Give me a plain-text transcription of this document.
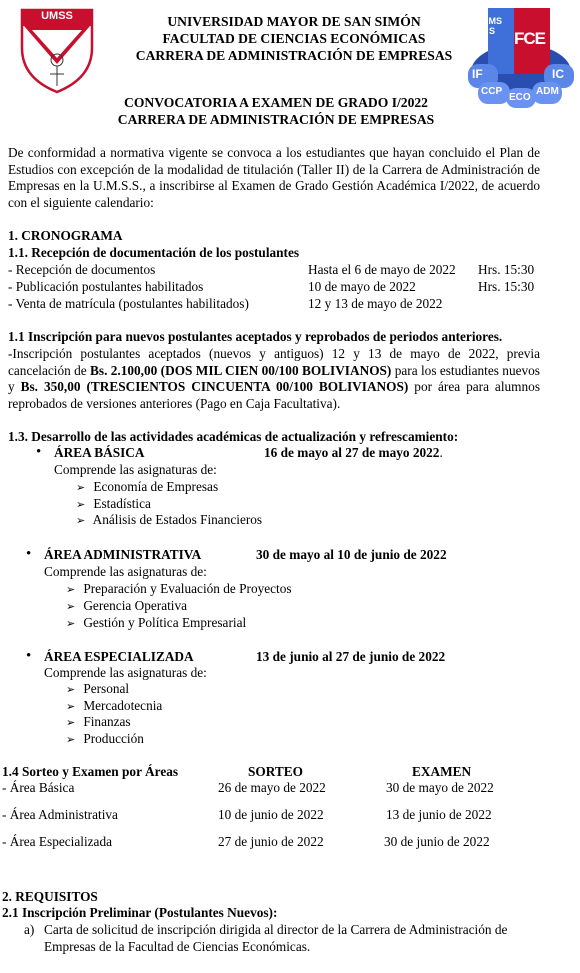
UMSS	UNIVERSIDAD MAYOR DE SAN SIMÓN
FACULTAD DE CIENCIAS ECONÓMICAS
CARRERA DE ADMINISTRACIÓN DE EMPRESAS
UMSS	FCE
IF	IC
CCP
ECO
ADM
CONVOCATORIA A EXAMEN DE GRADO I/2022
CARRERA DE ADMINISTRACIÓN DE EMPRESAS
De conformidad a normativa vigente se convoca a los estudiantes que hayan concluido el Plan de Estudios con excepción de la modalidad de titulación (Taller II) de la Carrera de Administración de Empresas en la U.M.S.S., a inscribirse al Examen de Grado Gestión Académica I/2022, de acuerdo con el siguiente calendario:
1. CRONOGRAMA
1.1. Recepción de documentación de los postulantes
- Recepción de documentos	Hasta el 6 de mayo de 2022 Hrs. 15:30
- Publicación postulantes habilitados	10 de mayo de 2022	Hrs. 15:30
- Venta de matrícula (postulantes habilitados)	12 y 13 de mayo de 2022
1.1 Inscripción para nuevos postulantes aceptados y reprobados de periodos anteriores.
-Inscripción postulantes aceptados (nuevos y antiguos) 12 y 13 de mayo de 2022, previa cancelación de Bs. 2.100,00 (DOS MIL CIEN 00/100 BOLIVIANOS) para los estudiantes nuevos y Bs. 350,00 (TRESCIENTOS CINCUENTA 00/100 BOLIVIANOS) por área para alumnos reprobados de versiones anteriores (Pago en Caja Facultativa).
1.3. Desarrollo de las actividades académicas de actualización y refrescamiento:
• ÁREA BÁSICA	16 de mayo al 27 de mayo 2022.
Comprende las asignaturas de:
➢ Economía de Empresas
➢ Estadística
➢ Análisis de Estados Financieros
• ÁREA ADMINISTRATIVA	30 de mayo al 10 de junio de 2022
Comprende las asignaturas de:
➢ Preparación y Evaluación de Proyectos
➢ Gerencia Operativa
➢ Gestión y Política Empresarial
• ÁREA ESPECIALIZADA	13 de junio al 27 de junio de 2022
Comprende las asignaturas de:
➢ Personal
➢ Mercadotecnia
➢ Finanzas
➢ Producción
1.4 Sorteo y Examen por Áreas	SORTEO	EXAMEN
- Área Básica	26 de mayo de 2022	30 de mayo de 2022
- Área Administrativa	10 de junio de 2022	13 de junio de 2022
- Área Especializada	27 de junio de 2022	30 de junio de 2022
2. REQUISITOS
2.1 Inscripción Preliminar (Postulantes Nuevos):
a) Carta de solicitud de inscripción dirigida al director de la Carrera de Administración de Empresas de la Facultad de Ciencias Económicas.
